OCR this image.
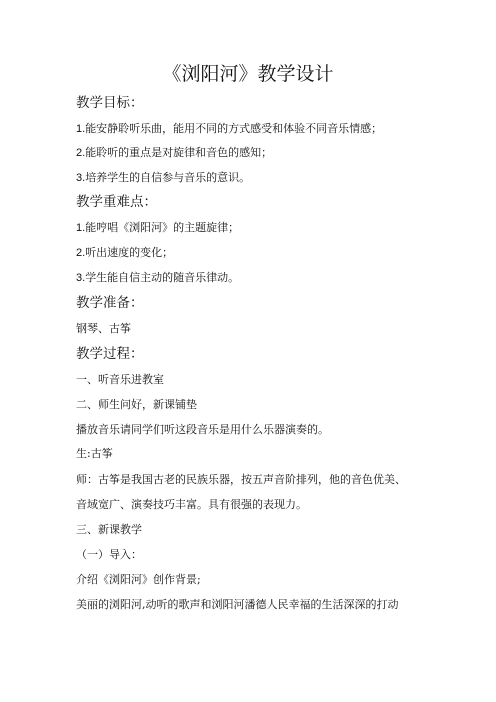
《浏阳河》教学设计
教学目标：
1.能安静聆听乐曲，能用不同的方式感受和体验不同音乐情感；
2.能聆听的重点是对旋律和音色的感知；
3.培养学生的自信参与音乐的意识。
教学重难点：
1.能哼唱《浏阳河》的主题旋律；
2.听出速度的变化；
3.学生能自信主动的随音乐律动。
教学准备：
钢琴、古筝
教学过程：
一、听音乐进教室
二、师生问好，新课铺垫
播放音乐请同学们听这段音乐是用什么乐器演奏的。
生:古筝
师：古筝是我国古老的民族乐器，按五声音阶排列，他的音色优美、
音域宽广、演奏技巧丰富。具有很强的表现力。
三、新课教学
（一）导入：
介绍《浏阳河》创作背景;
美丽的浏阳河,动听的歌声和浏阳河潘德人民幸福的生活深深的打动
